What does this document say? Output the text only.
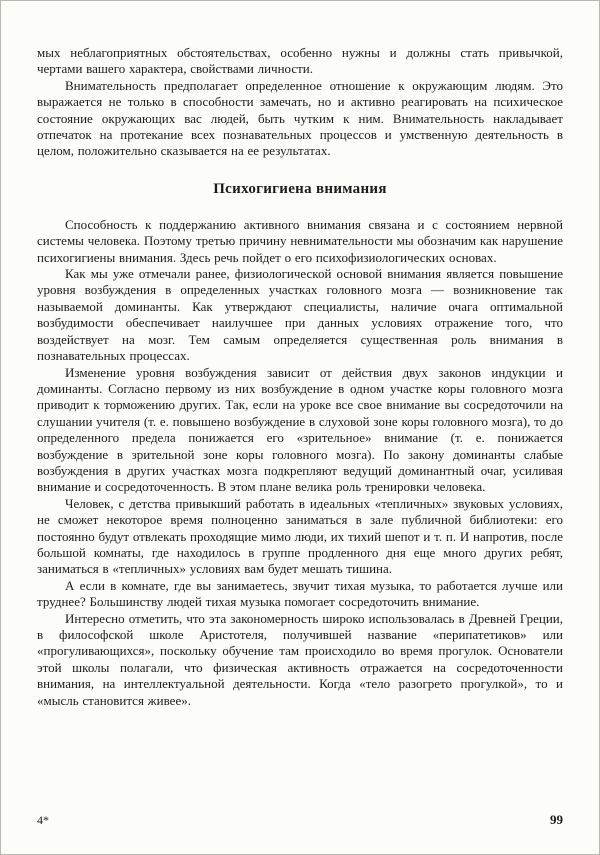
мых неблагоприятных обстоятельствах, особенно нужны и должны стать привычкой, чертами вашего характера, свойствами личности.

Внимательность предполагает определенное отношение к окружающим людям. Это выражается не только в способности замечать, но и активно реагировать на психическое состояние окружающих вас людей, быть чутким к ним. Внимательность накладывает отпечаток на протекание всех познавательных процессов и умственную деятельность в целом, положительно сказывается на ее результатах.

Психогигиена внимания

Способность к поддержанию активного внимания связана и с состоянием нервной системы человека. Поэтому третью причину невнимательности мы обозначим как нарушение психогигиены внимания. Здесь речь пойдет о его психофизиологических основах.

Как мы уже отмечали ранее, физиологической основой внимания является повышение уровня возбуждения в определенных участках головного мозга — возникновение так называемой доминанты. Как утверждают специалисты, наличие очага оптимальной возбудимости обеспечивает наилучшее при данных условиях отражение того, что воздействует на мозг. Тем самым определяется существенная роль внимания в познавательных процессах.

Изменение уровня возбуждения зависит от действия двух законов индукции и доминанты. Согласно первому из них возбуждение в одном участке коры головного мозга приводит к торможению других. Так, если на уроке все свое внимание вы сосредоточили на слушании учителя (т. е. повышено возбуждение в слуховой зоне коры головного мозга), то до определенного предела понижается его «зрительное» внимание (т. е. понижается возбуждение в зрительной зоне коры головного мозга). По закону доминанты слабые возбуждения в других участках мозга подкрепляют ведущий доминантный очаг, усиливая внимание и сосредоточенность. В этом плане велика роль тренировки человека.

Человек, с детства привыкший работать в идеальных «тепличных» звуковых условиях, не сможет некоторое время полноценно заниматься в зале публичной библиотеки: его постоянно будут отвлекать проходящие мимо люди, их тихий шепот и т. п. И напротив, после большой комнаты, где находилось в группе продленного дня еще много других ребят, заниматься в «тепличных» условиях вам будет мешать тишина.

А если в комнате, где вы занимаетесь, звучит тихая музыка, то работается лучше или труднее? Большинству людей тихая музыка помогает сосредоточить внимание.

Интересно отметить, что эта закономерность широко использовалась в Древней Греции, в философской школе Аристотеля, получившей название «перипатетиков» или «прогуливающихся», поскольку обучение там происходило во время прогулок. Основатели этой школы полагали, что физическая активность отражается на сосредоточенности внимания, на интеллектуальной деятельности. Когда «тело разогрето прогулкой», то и «мысль становится живее».

4*	99
